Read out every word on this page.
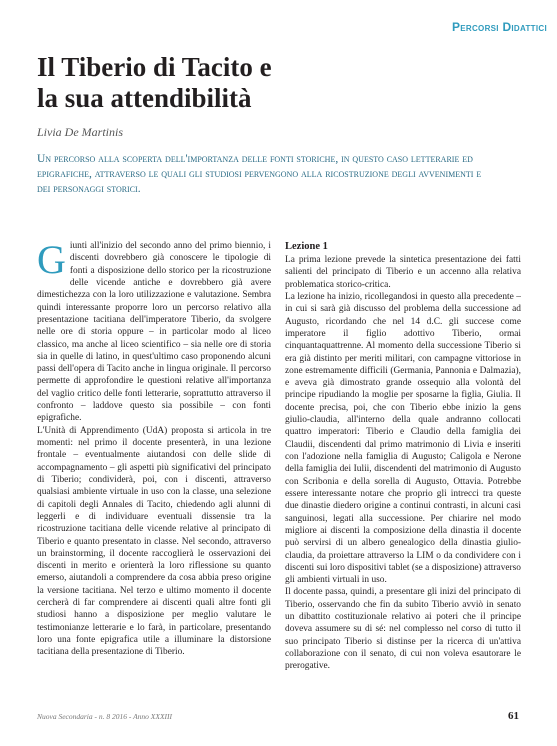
Percorsi Didattici
Il Tiberio di Tacito e
la sua attendibilità
Livia De Martinis

Un percorso alla scoperta dell'importanza delle fonti storiche, in questo caso letterarie ed epigrafiche, attraverso le quali gli studiosi pervengono alla ricostruzione degli avvenimenti e dei personaggi storici.

G iunti all'inizio del secondo anno del primo biennio, i discenti dovrebbero già conoscere le tipologie di fonti a disposizione dello storico per la ricostruzione delle vicende antiche e dovrebbero già avere dimestichezza con la loro utilizzazione e valutazione. Sembra quindi interessante proporre loro un percorso relativo alla presentazione tacitiana dell'imperatore Tiberio, da svolgere nelle ore di storia oppure – in particolar modo al liceo classico, ma anche al liceo scientifico – sia nelle ore di storia sia in quelle di latino, in quest'ultimo caso proponendo alcuni passi dell'opera di Tacito anche in lingua originale. Il percorso permette di approfondire le questioni relative all'importanza del vaglio critico delle fonti letterarie, soprattutto attraverso il confronto – laddove questo sia possibile – con fonti epigrafiche.

L'Unità di Apprendimento (UdA) proposta si articola in tre momenti: nel primo il docente presenterà, in una lezione frontale – eventualmente aiutandosi con delle slide di accompagnamento – gli aspetti più significativi del principato di Tiberio; condividerà, poi, con i discenti, attraverso qualsiasi ambiente virtuale in uso con la classe, una selezione di capitoli degli Annales di Tacito, chiedendo agli alunni di leggerli e di individuare eventuali dissensie tra la ricostruzione tacitiana delle vicende relative al principato di Tiberio e quanto presentato in classe. Nel secondo, attraverso un brainstorming, il docente raccoglierà le osservazioni dei discenti in merito e orienterà la loro riflessione su quanto emerso, aiutandoli a comprendere da cosa abbia preso origine la versione tacitiana. Nel terzo e ultimo momento il docente cercherà di far comprendere ai discenti quali altre fonti gli studiosi hanno a disposizione per meglio valutare le testimonianze letterarie e lo farà, in particolare, presentando loro una fonte epigrafica utile a illuminare la distorsione tacitiana della presentazione di Tiberio.

Lezione 1

La prima lezione prevede la sintetica presentazione dei fatti salienti del principato di Tiberio e un accenno alla relativa problematica storico-critica.

La lezione ha inizio, ricollegandosi in questo alla precedente – in cui si sarà già discusso del problema della successione ad Augusto, ricordando che nel 14 d.C. gli succese come imperatore il figlio adottivo Tiberio, ormai cinquantaquattrenne. Al momento della successione Tiberio si era già distinto per meriti militari, con campagne vittoriose in zone estremamente difficili (Germania, Pannonia e Dalmazia), e aveva già dimostrato grande ossequio alla volontà del principe ripudiando la moglie per sposarne la figlia, Giulia. Il docente precisa, poi, che con Tiberio ebbe inizio la gens giulio-claudia, all'interno della quale andranno collocati quattro imperatori: Tiberio e Claudio della famiglia dei Claudii, discendenti dal primo matrimonio di Livia e inseriti con l'adozione nella famiglia di Augusto; Caligola e Nerone della famiglia dei Iulii, discendenti del matrimonio di Augusto con Scribonia e della sorella di Augusto, Ottavia. Potrebbe essere interessante notare che proprio gli intrecci tra queste due dinastie diedero origine a continui contrasti, in alcuni casi sanguinosi, legati alla successione. Per chiarire nel modo migliore ai discenti la composizione della dinastia il docente può servirsi di un albero genealogico della dinastia giulio-claudia, da proiettare attraverso la LIM o da condividere con i discenti sui loro dispositivi tablet (se a disposizione) attraverso gli ambienti virtuali in uso.

Il docente passa, quindi, a presentare gli inizi del principato di Tiberio, osservando che fin da subito Tiberio avviò in senato un dibattito costituzionale relativo ai poteri che il principe doveva assumere su di sé: nel complesso nel corso di tutto il suo principato Tiberio si distinse per la ricerca di un'attiva collaborazione con il senato, di cui non voleva esautorare le prerogative.

Nuova Secondaria - n. 8 2016 - Anno XXXIII	61
